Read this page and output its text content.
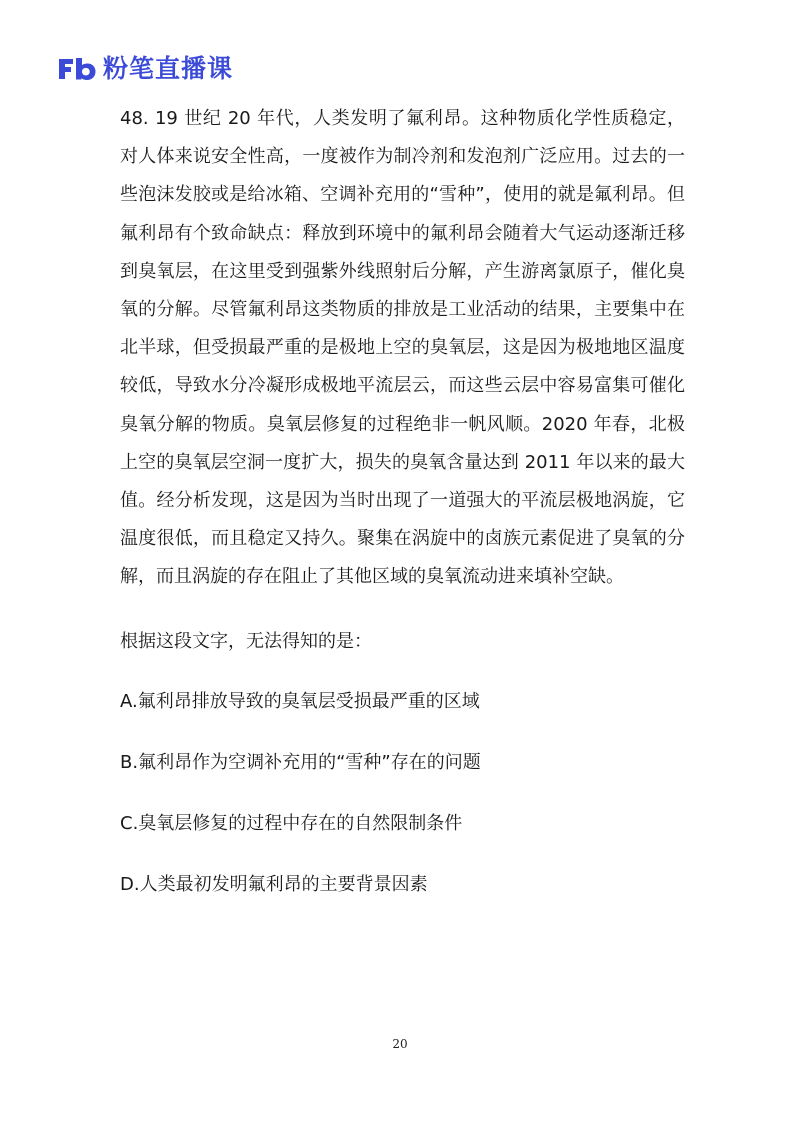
粉笔直播课

48. 19 世纪 20 年代，人类发明了氟利昂。这种物质化学性质稳定，对人体来说安全性高，一度被作为制冷剂和发泡剂广泛应用。过去的一些泡沫发胶或是给冰箱、空调补充用的“雪种”，使用的就是氟利昂。但氟利昂有个致命缺点：释放到环境中的氟利昂会随着大气运动逐渐迁移到臭氧层，在这里受到强紫外线照射后分解，产生游离氯原子，催化臭氧的分解。尽管氟利昂这类物质的排放是工业活动的结果，主要集中在北半球，但受损最严重的是极地上空的臭氧层，这是因为极地地区温度较低，导致水分冷凝形成极地平流层云，而这些云层中容易富集可催化臭氧分解的物质。臭氧层修复的过程绝非一帆风顺。2020 年春，北极上空的臭氧层空洞一度扩大，损失的臭氧含量达到 2011 年以来的最大值。经分析发现，这是因为当时出现了一道强大的平流层极地涡旋，它温度很低，而且稳定又持久。聚集在涡旋中的卤族元素促进了臭氧的分解，而且涡旋的存在阻止了其他区域的臭氧流动进来填补空缺。

根据这段文字，无法得知的是：

A.氟利昂排放导致的臭氧层受损最严重的区域
B.氟利昂作为空调补充用的“雪种”存在的问题
C.臭氧层修复的过程中存在的自然限制条件
D.人类最初发明氟利昂的主要背景因素
20
